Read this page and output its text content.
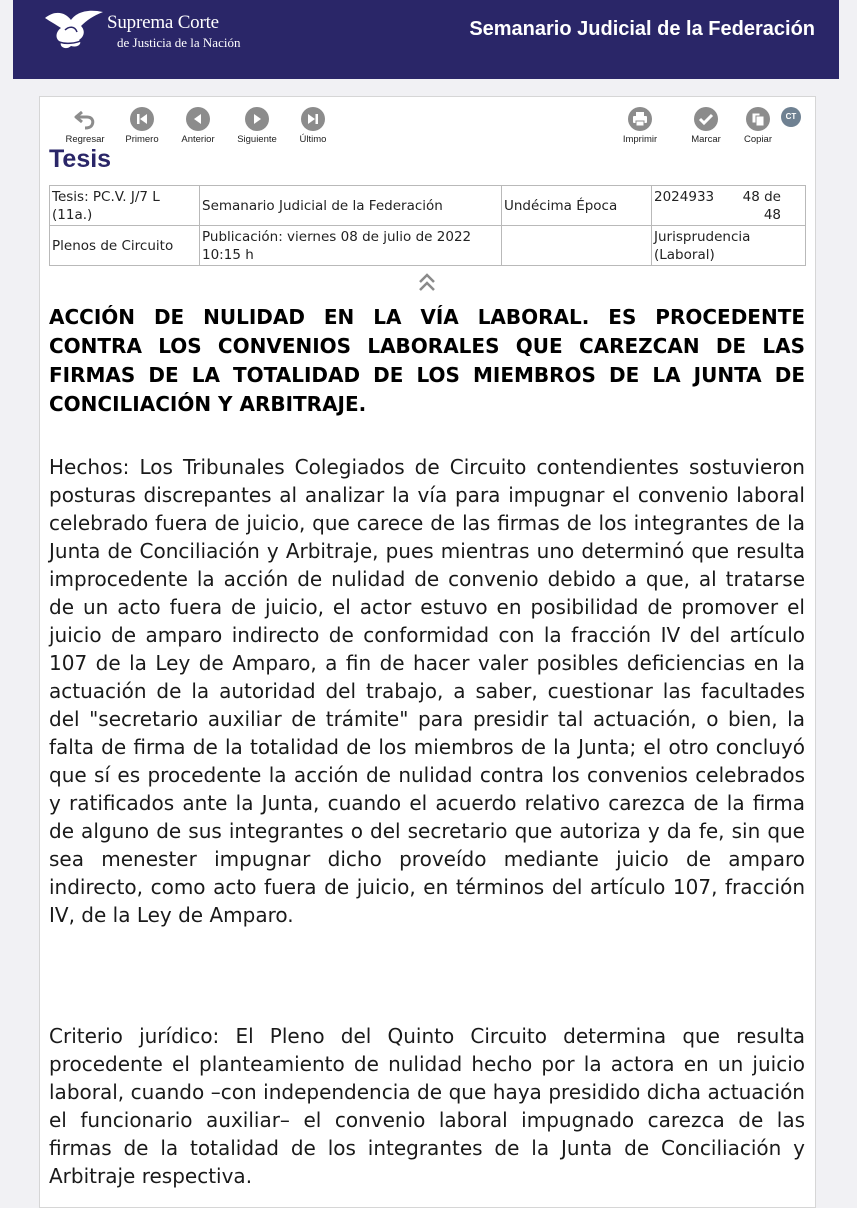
Suprema Corte
de Justicia de la Nación
Semanario Judicial de la Federación
Regresar	Primero	Anterior	Siguiente	Último	Imprimir	Marcar	Copiar
CT
Tesis
Tesis: PC.V. J/7 L (11a.)	Semanario Judicial de la Federación	Undécima Época	2024933 48 de 48

Plenos de Circuito	Publicación: viernes 08 de julio de 2022 10:15 h		Jurisprudencia (Laboral)
ACCIÓN DE NULIDAD EN LA VÍA LABORAL. ES PROCEDENTE CONTRA LOS CONVENIOS LABORALES QUE CAREZCAN DE LAS FIRMAS DE LA TOTALIDAD DE LOS MIEMBROS DE LA JUNTA DE CONCILIACIÓN Y ARBITRAJE.
Hechos: Los Tribunales Colegiados de Circuito contendientes sostuvieron posturas discrepantes al analizar la vía para impugnar el convenio laboral celebrado fuera de juicio, que carece de las firmas de los integrantes de la Junta de Conciliación y Arbitraje, pues mientras uno determinó que resulta improcedente la acción de nulidad de convenio debido a que, al tratarse de un acto fuera de juicio, el actor estuvo en posibilidad de promover el juicio de amparo indirecto de conformidad con la fracción IV del artículo 107 de la Ley de Amparo, a fin de hacer valer posibles deficiencias en la actuación de la autoridad del trabajo, a saber, cuestionar las facultades del "secretario auxiliar de trámite" para presidir tal actuación, o bien, la falta de firma de la totalidad de los miembros de la Junta; el otro concluyó que sí es procedente la acción de nulidad contra los convenios celebrados y ratificados ante la Junta, cuando el acuerdo relativo carezca de la firma de alguno de sus integrantes o del secretario que autoriza y da fe, sin que sea menester impugnar dicho proveído mediante juicio de amparo indirecto, como acto fuera de juicio, en términos del artículo 107, fracción IV, de la Ley de Amparo.
Criterio jurídico: El Pleno del Quinto Circuito determina que resulta procedente el planteamiento de nulidad hecho por la actora en un juicio laboral, cuando –con independencia de que haya presidido dicha actuación el funcionario auxiliar– el convenio laboral impugnado carezca de las firmas de la totalidad de los integrantes de la Junta de Conciliación y Arbitraje respectiva.
